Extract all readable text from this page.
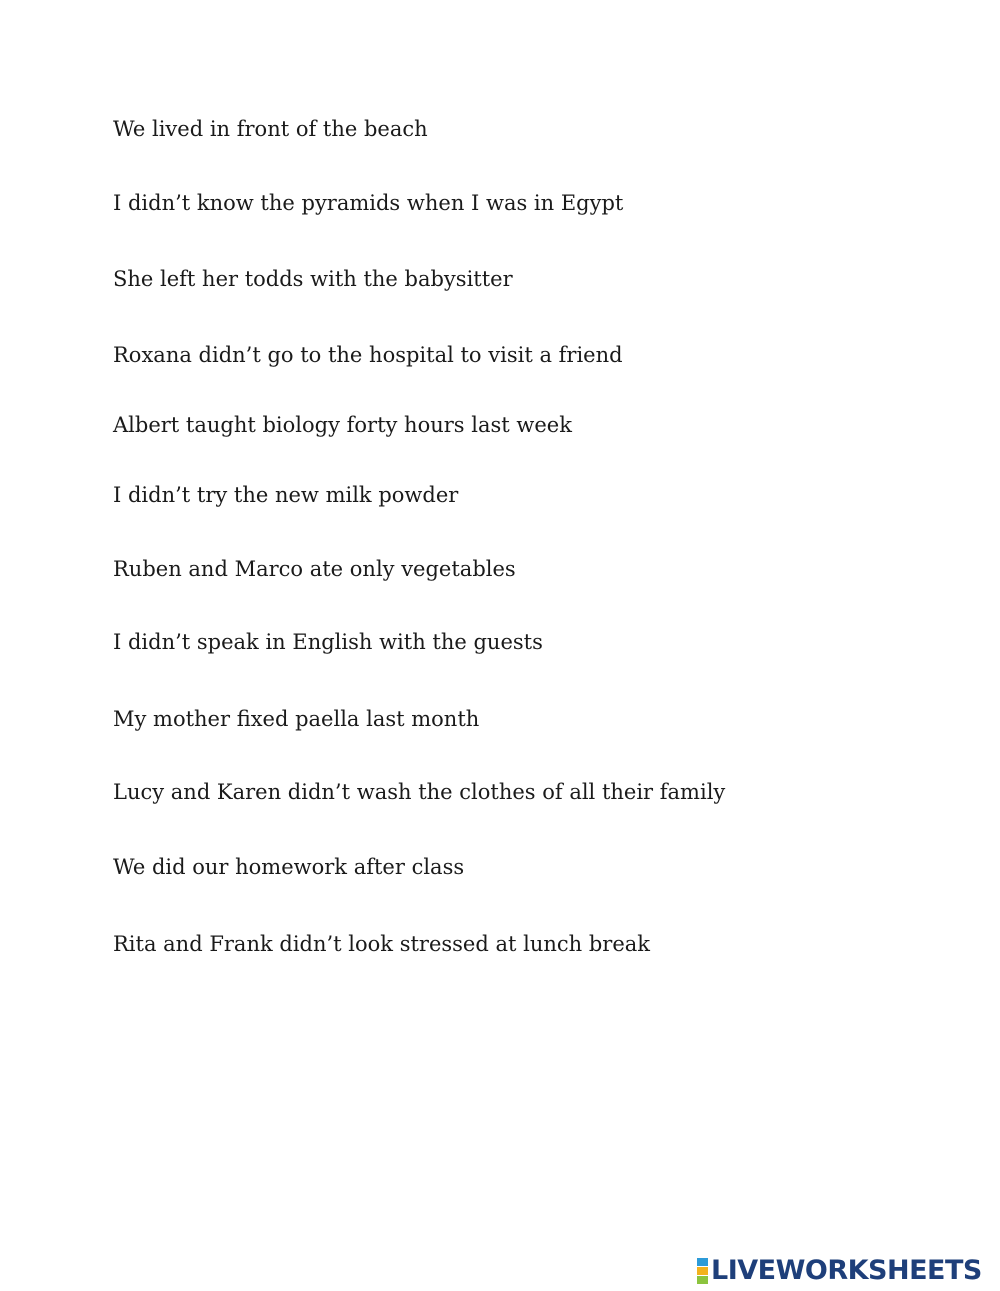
We lived in front of the beach

I didn’t know the pyramids when I was in Egypt

She left her todds with the babysitter

Roxana didn’t go to the hospital to visit a friend

Albert taught biology forty hours last week

I didn’t try the new milk powder

Ruben and Marco ate only vegetables

I didn’t speak in English with the guests

My mother fixed paella last month

Lucy and Karen didn’t wash the clothes of all their family

We did our homework after class

Rita and Frank didn’t look stressed at lunch break

LIVEWORKSHEETS
